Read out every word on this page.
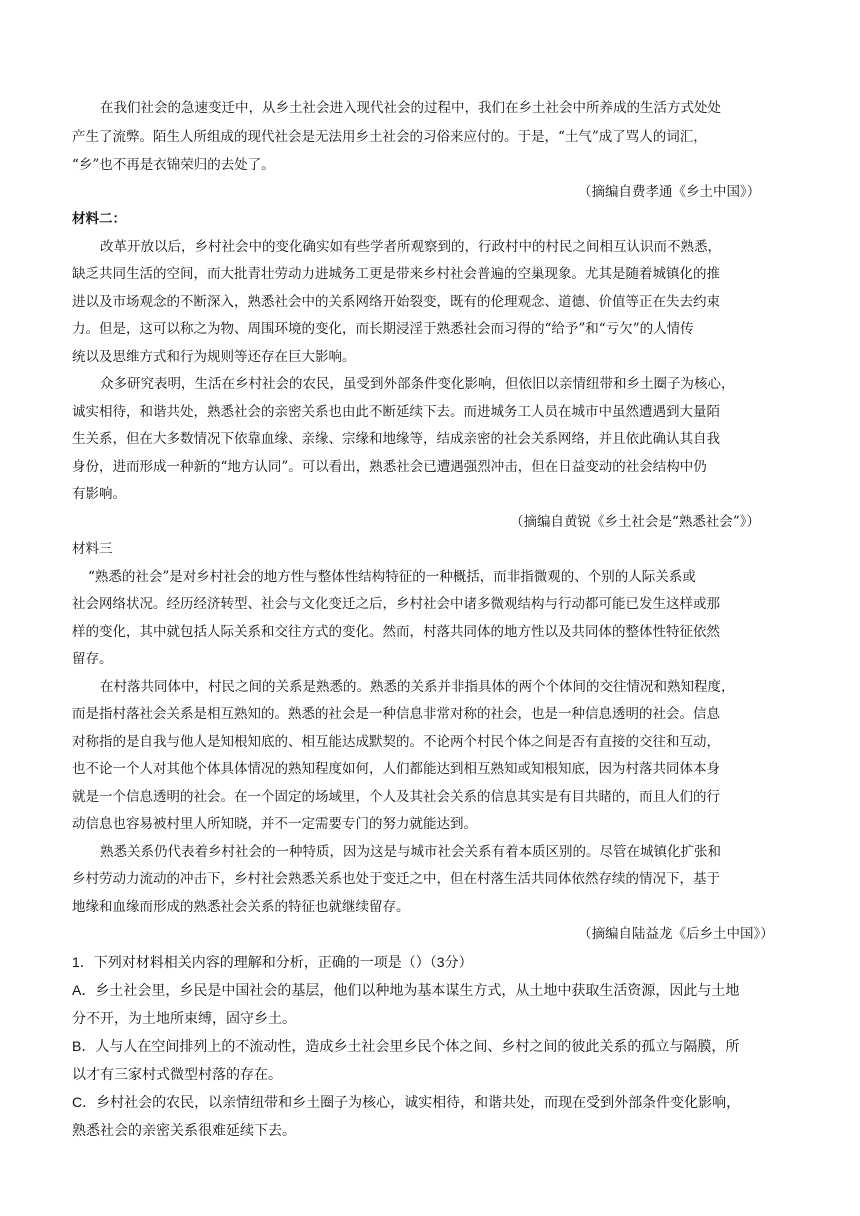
在我们社会的急速变迁中，从乡土社会进入现代社会的过程中，我们在乡土社会中所养成的生活方式处处
产生了流弊。陌生人所组成的现代社会是无法用乡土社会的习俗来应付的。于是，“土气”成了骂人的词汇，
“乡”也不再是衣锦荣归的去处了。
（摘编自费孝通《乡土中国》）
材料二：
改革开放以后，乡村社会中的变化确实如有些学者所观察到的，行政村中的村民之间相互认识而不熟悉，
缺乏共同生活的空间，而大批青壮劳动力进城务工更是带来乡村社会普遍的空巢现象。尤其是随着城镇化的推
进以及市场观念的不断深入，熟悉社会中的关系网络开始裂变，既有的伦理观念、道德、价值等正在失去约束
力。但是，这可以称之为物、周围环境的变化，而长期浸淫于熟悉社会而习得的“给予”和“亏欠”的人情传
统以及思维方式和行为规则等还存在巨大影响。
众多研究表明，生活在乡村社会的农民，虽受到外部条件变化影响，但依旧以亲情纽带和乡土圈子为核心，
诚实相待，和谐共处，熟悉社会的亲密关系也由此不断延续下去。而进城务工人员在城市中虽然遭遇到大量陌
生关系，但在大多数情况下依靠血缘、亲缘、宗缘和地缘等，结成亲密的社会关系网络，并且依此确认其自我
身份，进而形成一种新的“地方认同”。可以看出，熟悉社会已遭遇强烈冲击，但在日益变动的社会结构中仍
有影响。
（摘编自黄锐《乡土社会是“熟悉社会”》）
材料三
“熟悉的社会”是对乡村社会的地方性与整体性结构特征的一种概括，而非指微观的、个别的人际关系或
社会网络状况。经历经济转型、社会与文化变迁之后，乡村社会中诸多微观结构与行动都可能已发生这样或那
样的变化，其中就包括人际关系和交往方式的变化。然而，村落共同体的地方性以及共同体的整体性特征依然
留存。
在村落共同体中，村民之间的关系是熟悉的。熟悉的关系并非指具体的两个个体间的交往情况和熟知程度，
而是指村落社会关系是相互熟知的。熟悉的社会是一种信息非常对称的社会，也是一种信息透明的社会。信息
对称指的是自我与他人是知根知底的、相互能达成默契的。不论两个村民个体之间是否有直接的交往和互动，
也不论一个人对其他个体具体情况的熟知程度如何，人们都能达到相互熟知或知根知底，因为村落共同体本身
就是一个信息透明的社会。在一个固定的场域里，个人及其社会关系的信息其实是有目共睹的，而且人们的行
动信息也容易被村里人所知晓，并不一定需要专门的努力就能达到。
熟悉关系仍代表着乡村社会的一种特质，因为这是与城市社会关系有着本质区别的。尽管在城镇化扩张和
乡村劳动力流动的冲击下，乡村社会熟悉关系也处于变迁之中，但在村落生活共同体依然存续的情况下，基于
地缘和血缘而形成的熟悉社会关系的特征也就继续留存。
（摘编自陆益龙《后乡土中国》）
1．下列对材料相关内容的理解和分析，正确的一项是（）（3分）
A．乡土社会里，乡民是中国社会的基层，他们以种地为基本谋生方式，从土地中获取生活资源，因此与土地
分不开，为土地所束缚，固守乡土。
B．人与人在空间排列上的不流动性，造成乡土社会里乡民个体之间、乡村之间的彼此关系的孤立与隔膜，所
以才有三家村式微型村落的存在。
C．乡村社会的农民，以亲情纽带和乡土圈子为核心，诚实相待，和谐共处，而现在受到外部条件变化影响，
熟悉社会的亲密关系很难延续下去。
